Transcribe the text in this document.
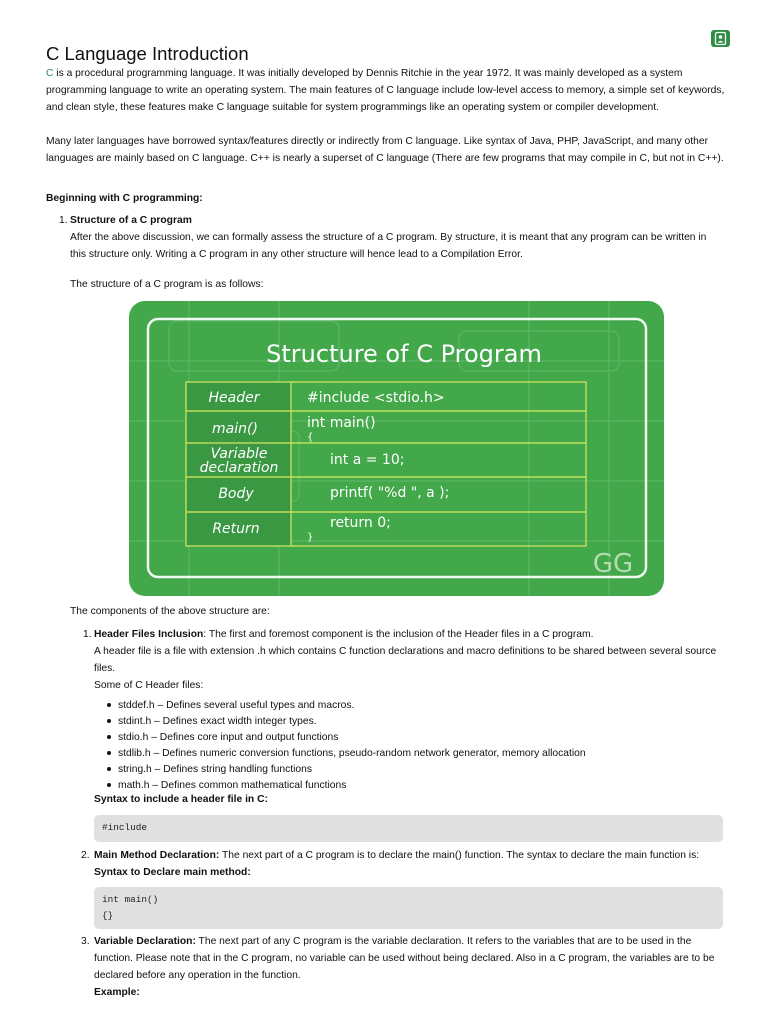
C Language Introduction
C is a procedural programming language. It was initially developed by Dennis Ritchie in the year 1972. It was mainly developed as a system programming language to write an operating system. The main features of C language include low-level access to memory, a simple set of keywords, and clean style, these features make C language suitable for system programmings like an operating system or compiler development.
Many later languages have borrowed syntax/features directly or indirectly from C language. Like syntax of Java, PHP, JavaScript, and many other languages are mainly based on C language. C++ is nearly a superset of C language (There are few programs that may compile in C, but not in C++).
Beginning with C programming:
1. Structure of a C program
After the above discussion, we can formally assess the structure of a C program. By structure, it is meant that any program can be written in this structure only. Writing a C program in any other structure will hence lead to a Compilation Error.
The structure of a C program is as follows:
Structure of C Program
Header
main()
Variable
declaration
Body
Return
#include <stdio.h>
int main()
{
int a = 10;
printf( "%d ", a );
return 0;
}
GG
The components of the above structure are:
1. Header Files Inclusion: The first and foremost component is the inclusion of the Header files in a C program.
A header file is a file with extension .h which contains C function declarations and macro definitions to be shared between several source files.
Some of C Header files:
stddef.h – Defines several useful types and macros.
stdint.h – Defines exact width integer types.
stdio.h – Defines core input and output functions
stdlib.h – Defines numeric conversion functions, pseudo-random network generator, memory allocation
string.h – Defines string handling functions
math.h – Defines common mathematical functions
Syntax to include a header file in C:
#include
2. Main Method Declaration: The next part of a C program is to declare the main() function. The syntax to declare the main function is:
Syntax to Declare main method:
int main()
{}
3. Variable Declaration: The next part of any C program is the variable declaration. It refers to the variables that are to be used in the function. Please note that in the C program, no variable can be used without being declared. Also in a C program, the variables are to be declared before any operation in the function.
Example:
